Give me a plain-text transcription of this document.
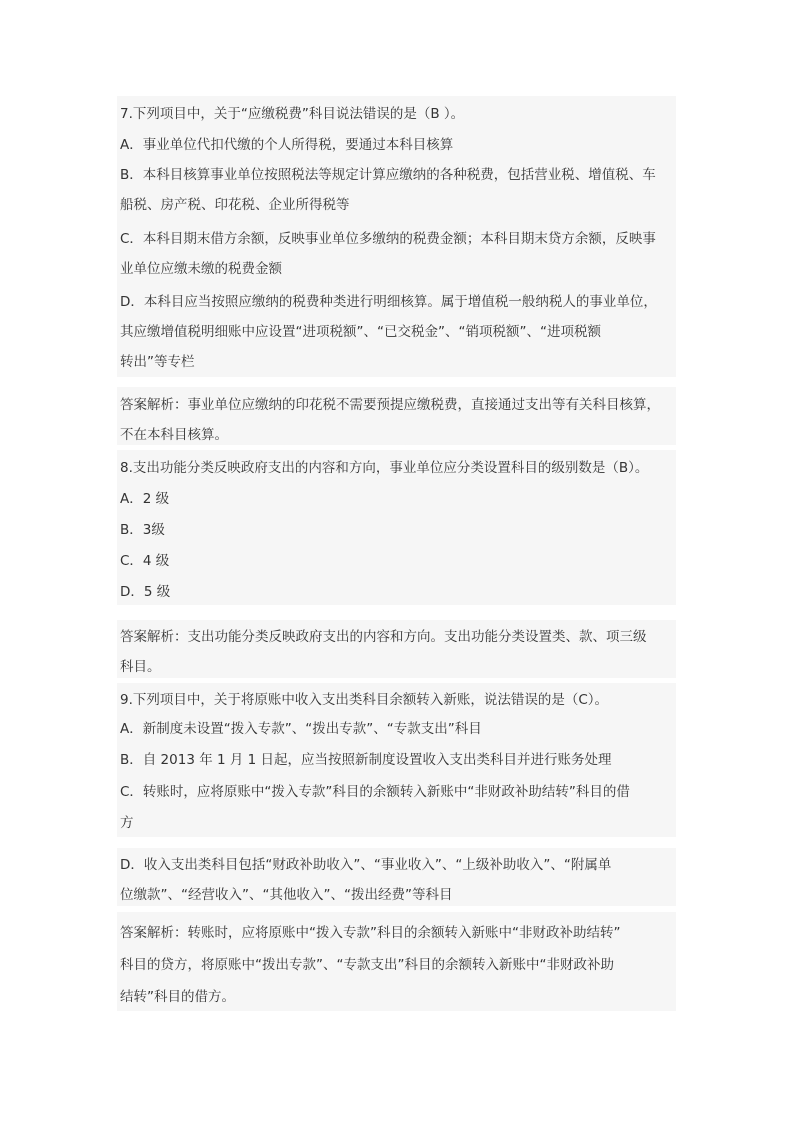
7.下列项目中，关于“应缴税费”科目说法错误的是（B ）。
A．事业单位代扣代缴的个人所得税，要通过本科目核算
B．本科目核算事业单位按照税法等规定计算应缴纳的各种税费，包括营业税、增值税、车
船税、房产税、印花税、企业所得税等
C．本科目期末借方余额，反映事业单位多缴纳的税费金额；本科目期末贷方余额，反映事
业单位应缴未缴的税费金额
D．本科目应当按照应缴纳的税费种类进行明细核算。属于增值税一般纳税人的事业单位，
其应缴增值税明细账中应设置“进项税额”、“已交税金”、“销项税额”、“进项税额
转出”等专栏
答案解析：事业单位应缴纳的印花税不需要预提应缴税费，直接通过支出等有关科目核算，
不在本科目核算。
8.支出功能分类反映政府支出的内容和方向，事业单位应分类设置科目的级别数是（B）。
A．2 级
B．3级
C．4 级
D．5 级
答案解析：支出功能分类反映政府支出的内容和方向。支出功能分类设置类、款、项三级
科目。
9.下列项目中，关于将原账中收入支出类科目余额转入新账，说法错误的是（C）。
A．新制度未设置“拨入专款”、“拨出专款”、“专款支出”科目
B．自 2013 年 1 月 1 日起，应当按照新制度设置收入支出类科目并进行账务处理
C．转账时，应将原账中“拨入专款”科目的余额转入新账中“非财政补助结转”科目的借
方
D．收入支出类科目包括“财政补助收入”、“事业收入”、“上级补助收入”、“附属单
位缴款”、“经营收入”、“其他收入”、“拨出经费”等科目
答案解析：转账时，应将原账中“拨入专款”科目的余额转入新账中“非财政补助结转”
科目的贷方，将原账中“拨出专款”、“专款支出”科目的余额转入新账中“非财政补助
结转”科目的借方。
